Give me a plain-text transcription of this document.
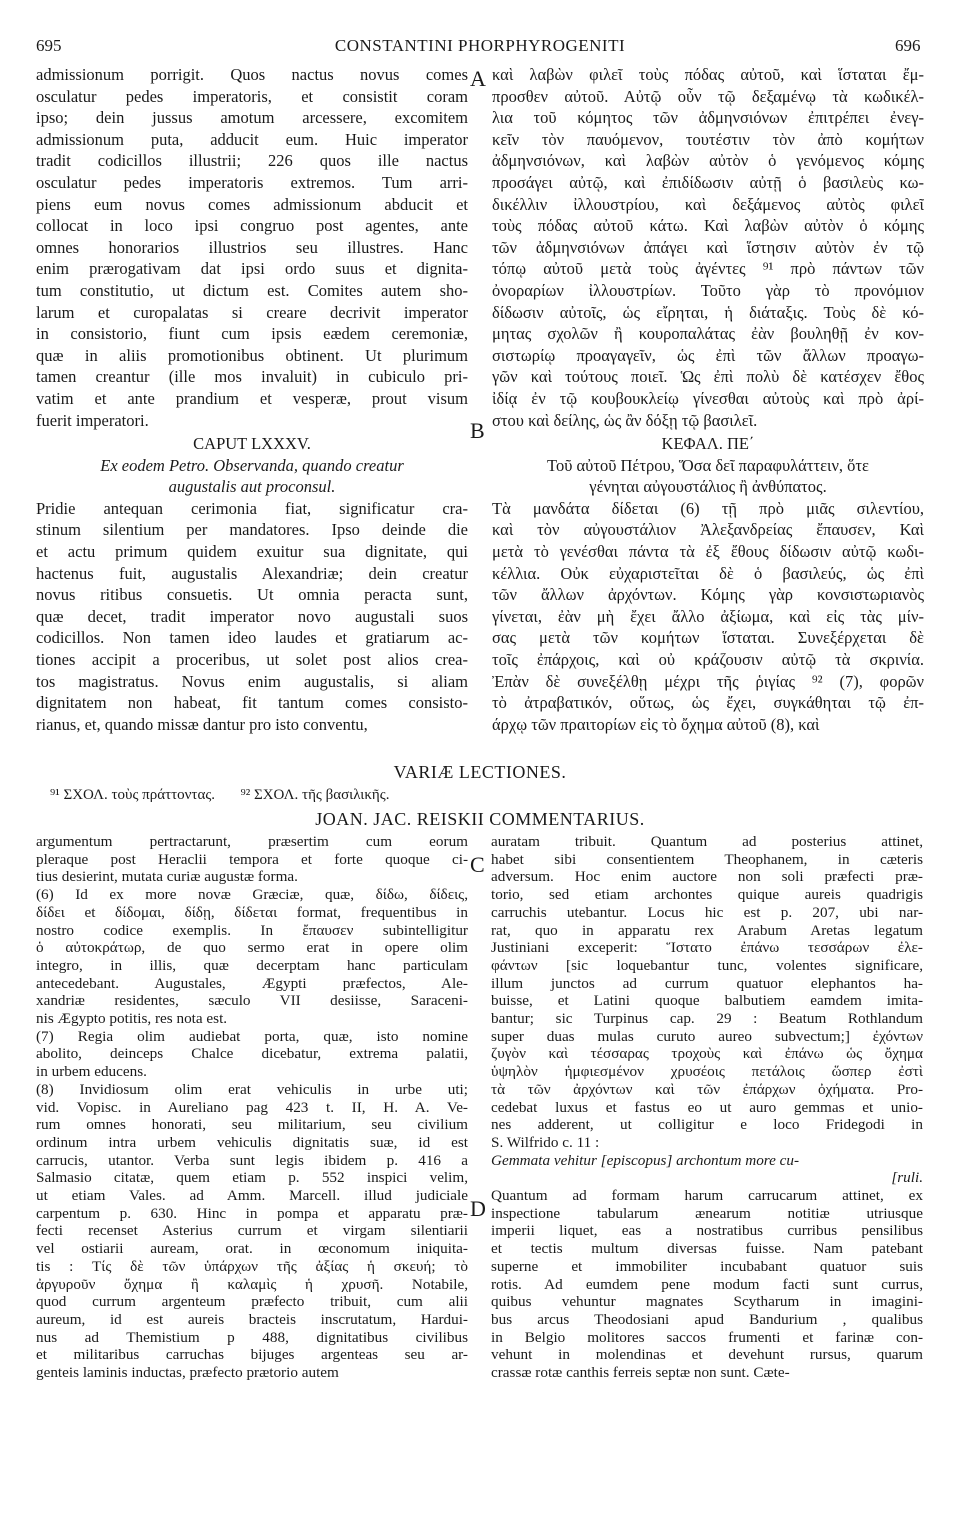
695	CONSTANTINI PHORPHYROGENITI	696
A
B
C
D
admissionum porrigit. Quos nactus novus comes
osculatur pedes imperatoris, et consistit coram
ipso; dein jussus amotum arcessere, excomitem
admissionum puta, adducit eum. Huic imperator
tradit codicillos illustrii; 226 quos ille nactus
osculatur pedes imperatoris extremos. Tum arri-
piens eum novus comes admissionum abducit et
collocat in loco ipsi congruo post agentes, ante
omnes honorarios illustrios seu illustres. Hanc
enim prærogativam dat ipsi ordo suus et dignita-
tum constitutio, ut dictum est. Comites autem sho-
larum et curopalatas si creare decrivit imperator
in consistorio, fiunt cum ipsis eædem ceremoniæ,
quæ in aliis promotionibus obtinent. Ut plurimum
tamen creantur (ille mos invaluit) in cubiculo pri-
vatim et ante prandium et vesperæ, prout visum
fuerit imperatori.
CAPUT LXXXV.
Ex eodem Petro. Observanda, quando creatur
augustalis aut proconsul.
Pridie antequan cerimonia fiat, significatur cra-
stinum silentium per mandatores. Ipso deinde die
et actu primum quidem exuitur sua dignitate, qui
hactenus fuit, augustalis Alexandriæ; dein creatur
novus ritibus consuetis. Ut omnia peracta sunt,
quæ decet, tradit imperator novo augustali suos
codicillos. Non tamen ideo laudes et gratiarum ac-
tiones accipit a proceribus, ut solet post alios crea-
tos magistratus. Novus enim augustalis, si aliam
dignitatem non habeat, fit tantum comes consisto-
rianus, et, quando missæ dantur pro isto conventu,
καὶ λαβὼν φιλεῖ τοὺς πόδας αὐτοῦ, καὶ ἵσταται ἔμ-
προσθεν αὐτοῦ. Αὐτῷ οὖν τῷ δεξαμένῳ τὰ κωδικέλ-
λια τοῦ κόμητος τῶν ἀδμηνσιόνων ἐπιτρέπει ἐνεγ-
κεῖν τὸν παυόμενον, τουτέστιν τὸν ἀπὸ κομήτων
ἀδμηνσιόνων, καὶ λαβὼν αὐτὸν ὁ γενόμενος κόμης
προσάγει αὐτῷ, καὶ ἐπιδίδωσιν αὐτῇ ὁ βασιλεὺς κω-
δικέλλιν ἰλλουστρίου, καὶ δεξάμενος αὐτὸς φιλεῖ
τοὺς πόδας αὐτοῦ κάτω. Καὶ λαβὼν αὐτὸν ὁ κόμης
τῶν ἀδμηνσιόνων ἀπάγει καὶ ἵστησιν αὐτὸν ἐν τῷ
τόπῳ αὐτοῦ μετὰ τοὺς ἀγέντες ⁹¹ πρὸ πάντων τῶν
ὀνοραρίων ἰλλουστρίων. Τοῦτο γὰρ τὸ προνόμιον
δίδωσιν αὐτοῖς, ὡς εἴρηται, ἡ διάταξις. Τοὺς δὲ κό-
μητας σχολῶν ἢ κουροπαλάτας ἐὰν βουληθῇ ἐν κον-
σιστωρίῳ προαγαγεῖν, ὡς ἐπὶ τῶν ἄλλων προαγω-
γῶν καὶ τούτους ποιεῖ. Ὡς ἐπὶ πολὺ δὲ κατέσχεν ἔθος
ἰδίᾳ ἐν τῷ κουβουκλείῳ γίνεσθαι αὐτοὺς καὶ πρὸ ἀρί-
στου καὶ δείλης, ὡς ἂν δόξῃ τῷ βασιλεῖ.
ΚΕΦΑΛ. ΠΕ΄
Τοῦ αὐτοῦ Πέτρου, Ὅσα δεῖ παραφυλάττειν, ὅτε
γένηται αὐγουστάλιος ἢ ἀνθύπατος.
Τὰ μανδάτα δίδεται (6) τῇ πρὸ μιᾶς σιλεντίου,
καὶ τὸν αὐγουστάλιον Ἀλεξανδρείας ἔπαυσεν, Καὶ
μετὰ τὸ γενέσθαι πάντα τὰ ἐξ ἔθους δίδωσιν αὐτῷ κωδι-
κέλλια. Οὐκ εὐχαριστεῖται δὲ ὁ βασιλεύς, ὡς ἐπὶ
τῶν ἄλλων ἀρχόντων. Κόμης γὰρ κονσιστωριανὸς
γίνεται, ἐὰν μὴ ἔχει ἄλλο ἀξίωμα, καὶ εἰς τὰς μίν-
σας μετὰ τῶν κομήτων ἵσταται. Συνεξέρχεται δὲ
τοῖς ἐπάρχοις, καὶ οὐ κράζουσιν αὐτῷ τὰ σκρινία.
Ἐπὰν δὲ συνεξέλθῃ μέχρι τῆς ῥιγίας ⁹² (7), φορῶν
τὸ ἀτραβατικόν, οὕτως, ὡς ἔχει, συγκάθηται τῷ ἐπ-
άρχῳ τῶν πραιτορίων εἰς τὸ ὄχημα αὐτοῦ (8), καὶ
VARIÆ LECTIONES.
⁹¹ ΣΧΟΛ. τοὺς πράττοντας. ⁹² ΣΧΟΛ. τῆς βασιλικῆς.
JOAN. JAC. REISKII COMMENTARIUS.
argumentum pertractarunt, præsertim cum eorum
pleraque post Heraclii tempora et forte quoque ci-
tius desierint, mutata curiæ augustæ forma.
(6) Id ex more novæ Græciæ, quæ, δίδω, δίδεις,
δίδει et δίδομαι, δίδῃ, δίδεται format, frequentibus in
nostro codice exemplis. In ἔπαυσεν subintelligitur
ὁ αὐτοκράτωρ, de quo sermo erat in opere olim
integro, in illis, quæ decerptam hanc particulam
antecedebant. Augustales, Ægypti præfectos, Ale-
xandriæ residentes, sæculo VII desiisse, Saraceni-
nis Ægypto potitis, res nota est.
(7) Regia olim audiebat porta, quæ, isto nomine
abolito, deinceps Chalce dicebatur, extrema palatii,
in urbem educens.
(8) Invidiosum olim erat vehiculis in urbe uti;
vid. Vopisc. in Aureliano pag 423 t. II, H. A. Ve-
rum omnes honorati, seu militarium, seu civilium
ordinum intra urbem vehiculis dignitatis suæ, id est
carrucis, utantor. Verba sunt legis ibidem p. 416 a
Salmasio citatæ, quem etiam p. 552 inspici velim,
ut etiam Vales. ad Amm. Marcell. illud judiciale
carpentum p. 630. Hinc in pompa et apparatu præ-
fecti recenset Asterius currum et virgam silentiarii
vel ostiarii auream, orat. in œconomum iniquita-
tis : Τίς δὲ τῶν ὑπάρχων τῆς ἀξίας ἡ σκευή; τὸ
ἀργυροῦν ὄχημα ἢ καλαμὶς ἡ χρυσῆ. Notabile,
quod currum argenteum præfecto tribuit, cum alii
aureum, id est aureis bracteis inscrutatum, Hardui-
nus ad Themistium p 488, dignitatibus civilibus
et militaribus carruchas bijuges argenteas seu ar-
genteis laminis inductas, præfecto prætorio autem
auratam tribuit. Quantum ad posterius attinet,
habet sibi consentientem Theophanem, in cæteris
adversum. Hoc enim auctore non soli præfecti præ-
torio, sed etiam archontes quique aureis quadrigis
carruchis utebantur. Locus hic est p. 207, ubi nar-
rat, quo in apparatu rex Arabum Aretas legatum
Justiniani exceperit: Ἵστατο ἐπάνω τεσσάρων ἐλε-
φάντων [sic loquebantur tunc, volentes significare,
illum junctos ad currum quatuor elephantos ha-
buisse, et Latini quoque balbutiem eamdem imita-
bantur; sic Turpinus cap. 29 : Beatum Rothlandum
super duas mulas curuto aureo subvectum;] ἐχόντων
ζυγὸν καὶ τέσσαρας τροχοὺς καὶ ἐπάνω ὡς ὄχημα
ὑψηλὸν ἡμφιεσμένον χρυσέοις πετάλοις ὥσπερ ἐστὶ
τὰ τῶν ἀρχόντων καὶ τῶν ἐπάρχων ὀχήματα. Pro-
cedebat luxus et fastus eo ut auro gemmas et unio-
nes adderent, ut colligitur e loco Fridegodi in
S. Wilfrido c. 11 :
Gemmata vehitur [episcopus] archontum more cu-
[ruli.
Quantum ad formam harum carrucarum attinet, ex
inspectione tabularum æneаrum notitiæ utriusque
imperii liquet, eas a nostratibus curribus pensilibus
et tectis multum diversas fuisse. Nam patebant
superne et immobiliter incubabant quatuor suis
rotis. Ad eumdem pene modum facti sunt currus,
quibus vehuntur magnates Scytharum in imagini-
bus arcus Theodosiani apud Bandurium , qualibus
in Belgio molitores saccos frumenti et farinæ con-
vehunt in molendinas et devehunt rursus, quarum
crassæ rotæ canthis ferreis septæ non sunt. Cæte-
